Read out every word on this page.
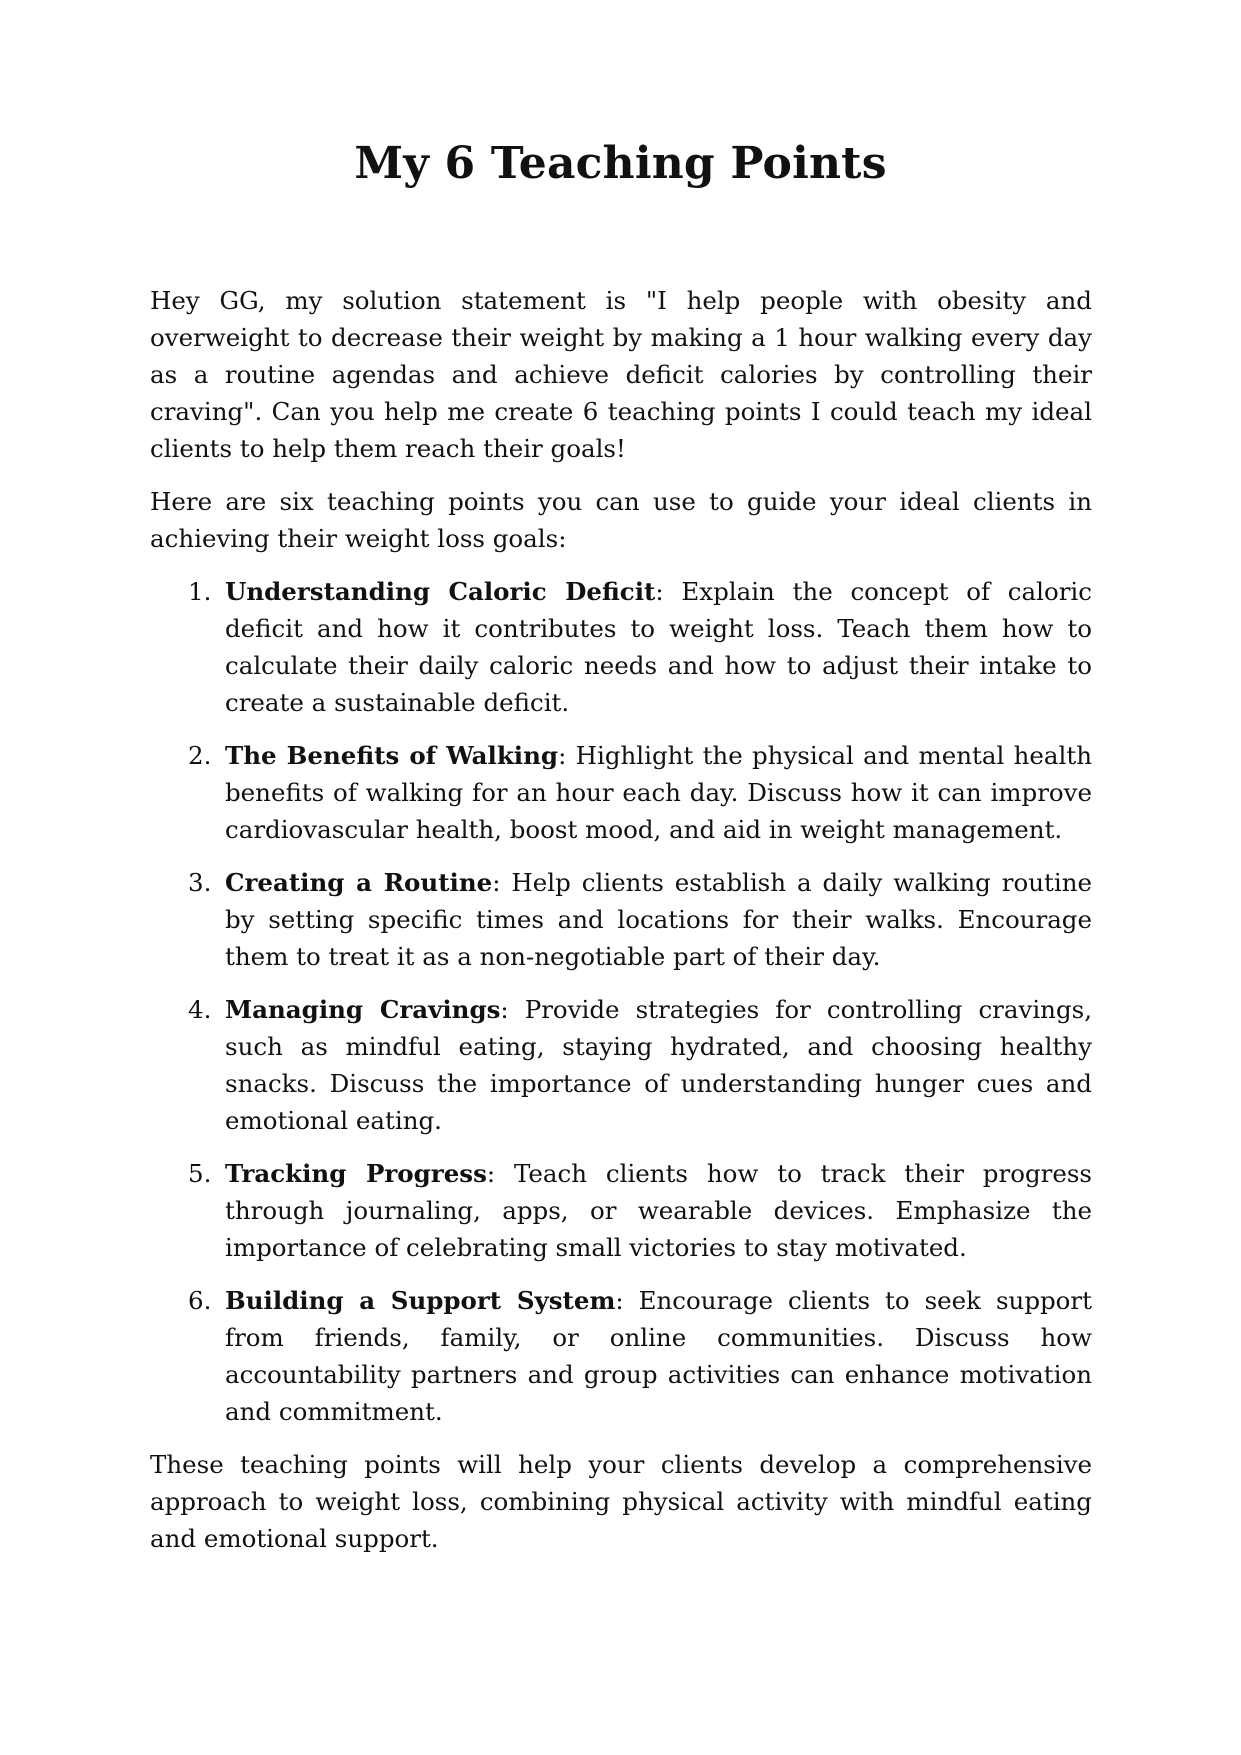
My 6 Teaching Points

Hey GG, my solution statement is "I help people with obesity and overweight to decrease their weight by making a 1 hour walking every day as a routine agendas and achieve deficit calories by controlling their craving". Can you help me create 6 teaching points I could teach my ideal clients to help them reach their goals!

Here are six teaching points you can use to guide your ideal clients in achieving their weight loss goals:

1. Understanding Caloric Deficit: Explain the concept of caloric deficit and how it contributes to weight loss. Teach them how to calculate their daily caloric needs and how to adjust their intake to create a sustainable deficit.
2. The Benefits of Walking: Highlight the physical and mental health benefits of walking for an hour each day. Discuss how it can improve cardiovascular health, boost mood, and aid in weight management.
3. Creating a Routine: Help clients establish a daily walking routine by setting specific times and locations for their walks. Encourage them to treat it as a non-negotiable part of their day.
4. Managing Cravings: Provide strategies for controlling cravings, such as mindful eating, staying hydrated, and choosing healthy snacks. Discuss the importance of understanding hunger cues and emotional eating.
5. Tracking Progress: Teach clients how to track their progress through journaling, apps, or wearable devices. Emphasize the importance of celebrating small victories to stay motivated.
6. Building a Support System: Encourage clients to seek support from friends, family, or online communities. Discuss how accountability partners and group activities can enhance motivation and commitment.

These teaching points will help your clients develop a comprehensive approach to weight loss, combining physical activity with mindful eating and emotional support.
